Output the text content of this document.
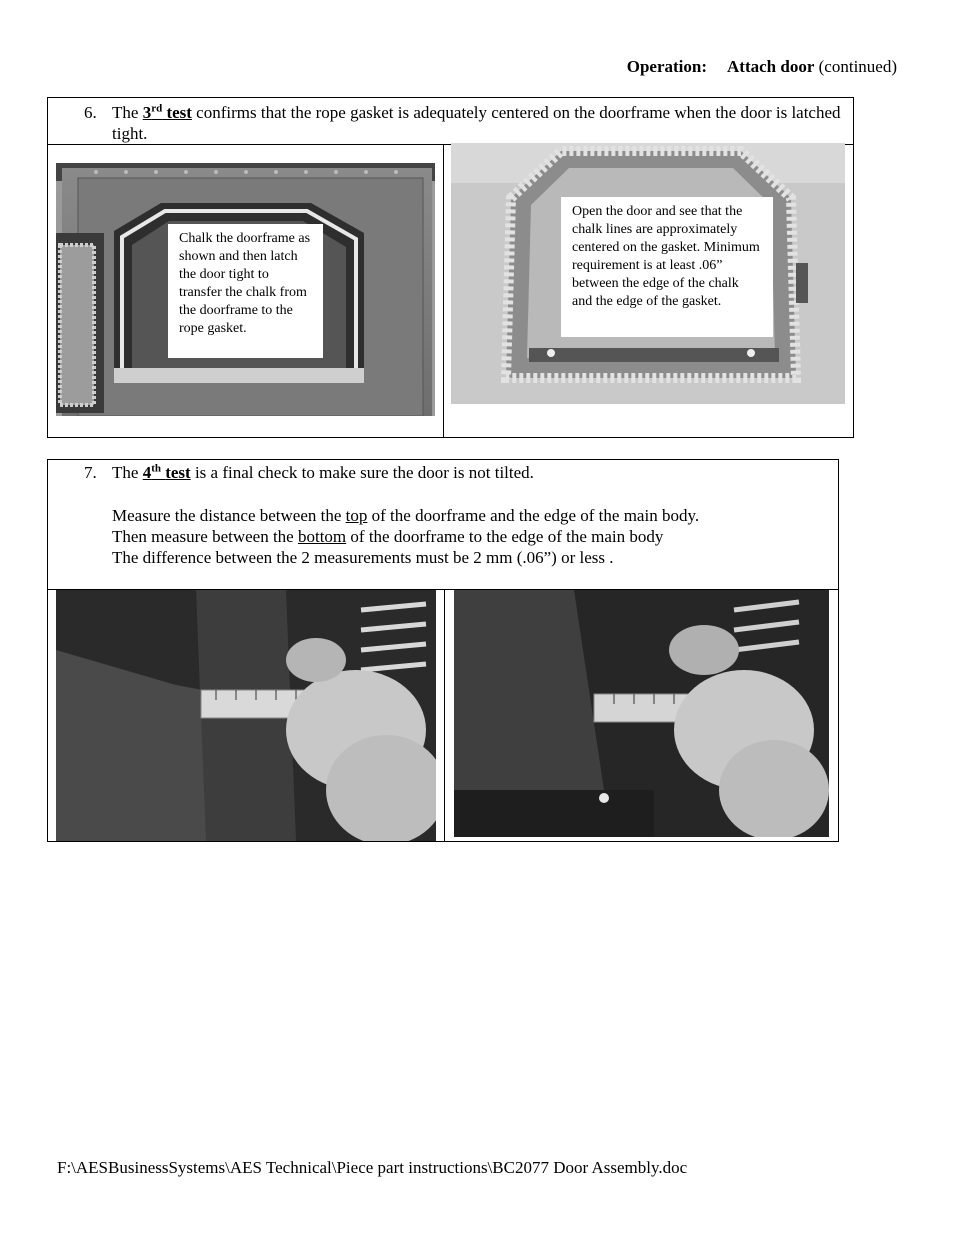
Operation: Attach door (continued)
6. The 3rd test confirms that the rope gasket is adequately centered on the doorframe when the door is latched tight.
Chalk the doorframe as shown and then latch the door tight to transfer the chalk from the doorframe to the rope gasket.
Open the door and see that the chalk lines are approximately centered on the gasket. Minimum requirement is at least .06” between the edge of the chalk and the edge of the gasket.
7. The 4th test is a final check to make sure the door is not tilted.
Measure the distance between the top of the doorframe and the edge of the main body.
Then measure between the bottom of the doorframe to the edge of the main body
The difference between the 2 measurements must be 2 mm (.06”) or less .
F:\AESBusinessSystems\AES Technical\Piece part instructions\BC2077 Door Assembly.doc
